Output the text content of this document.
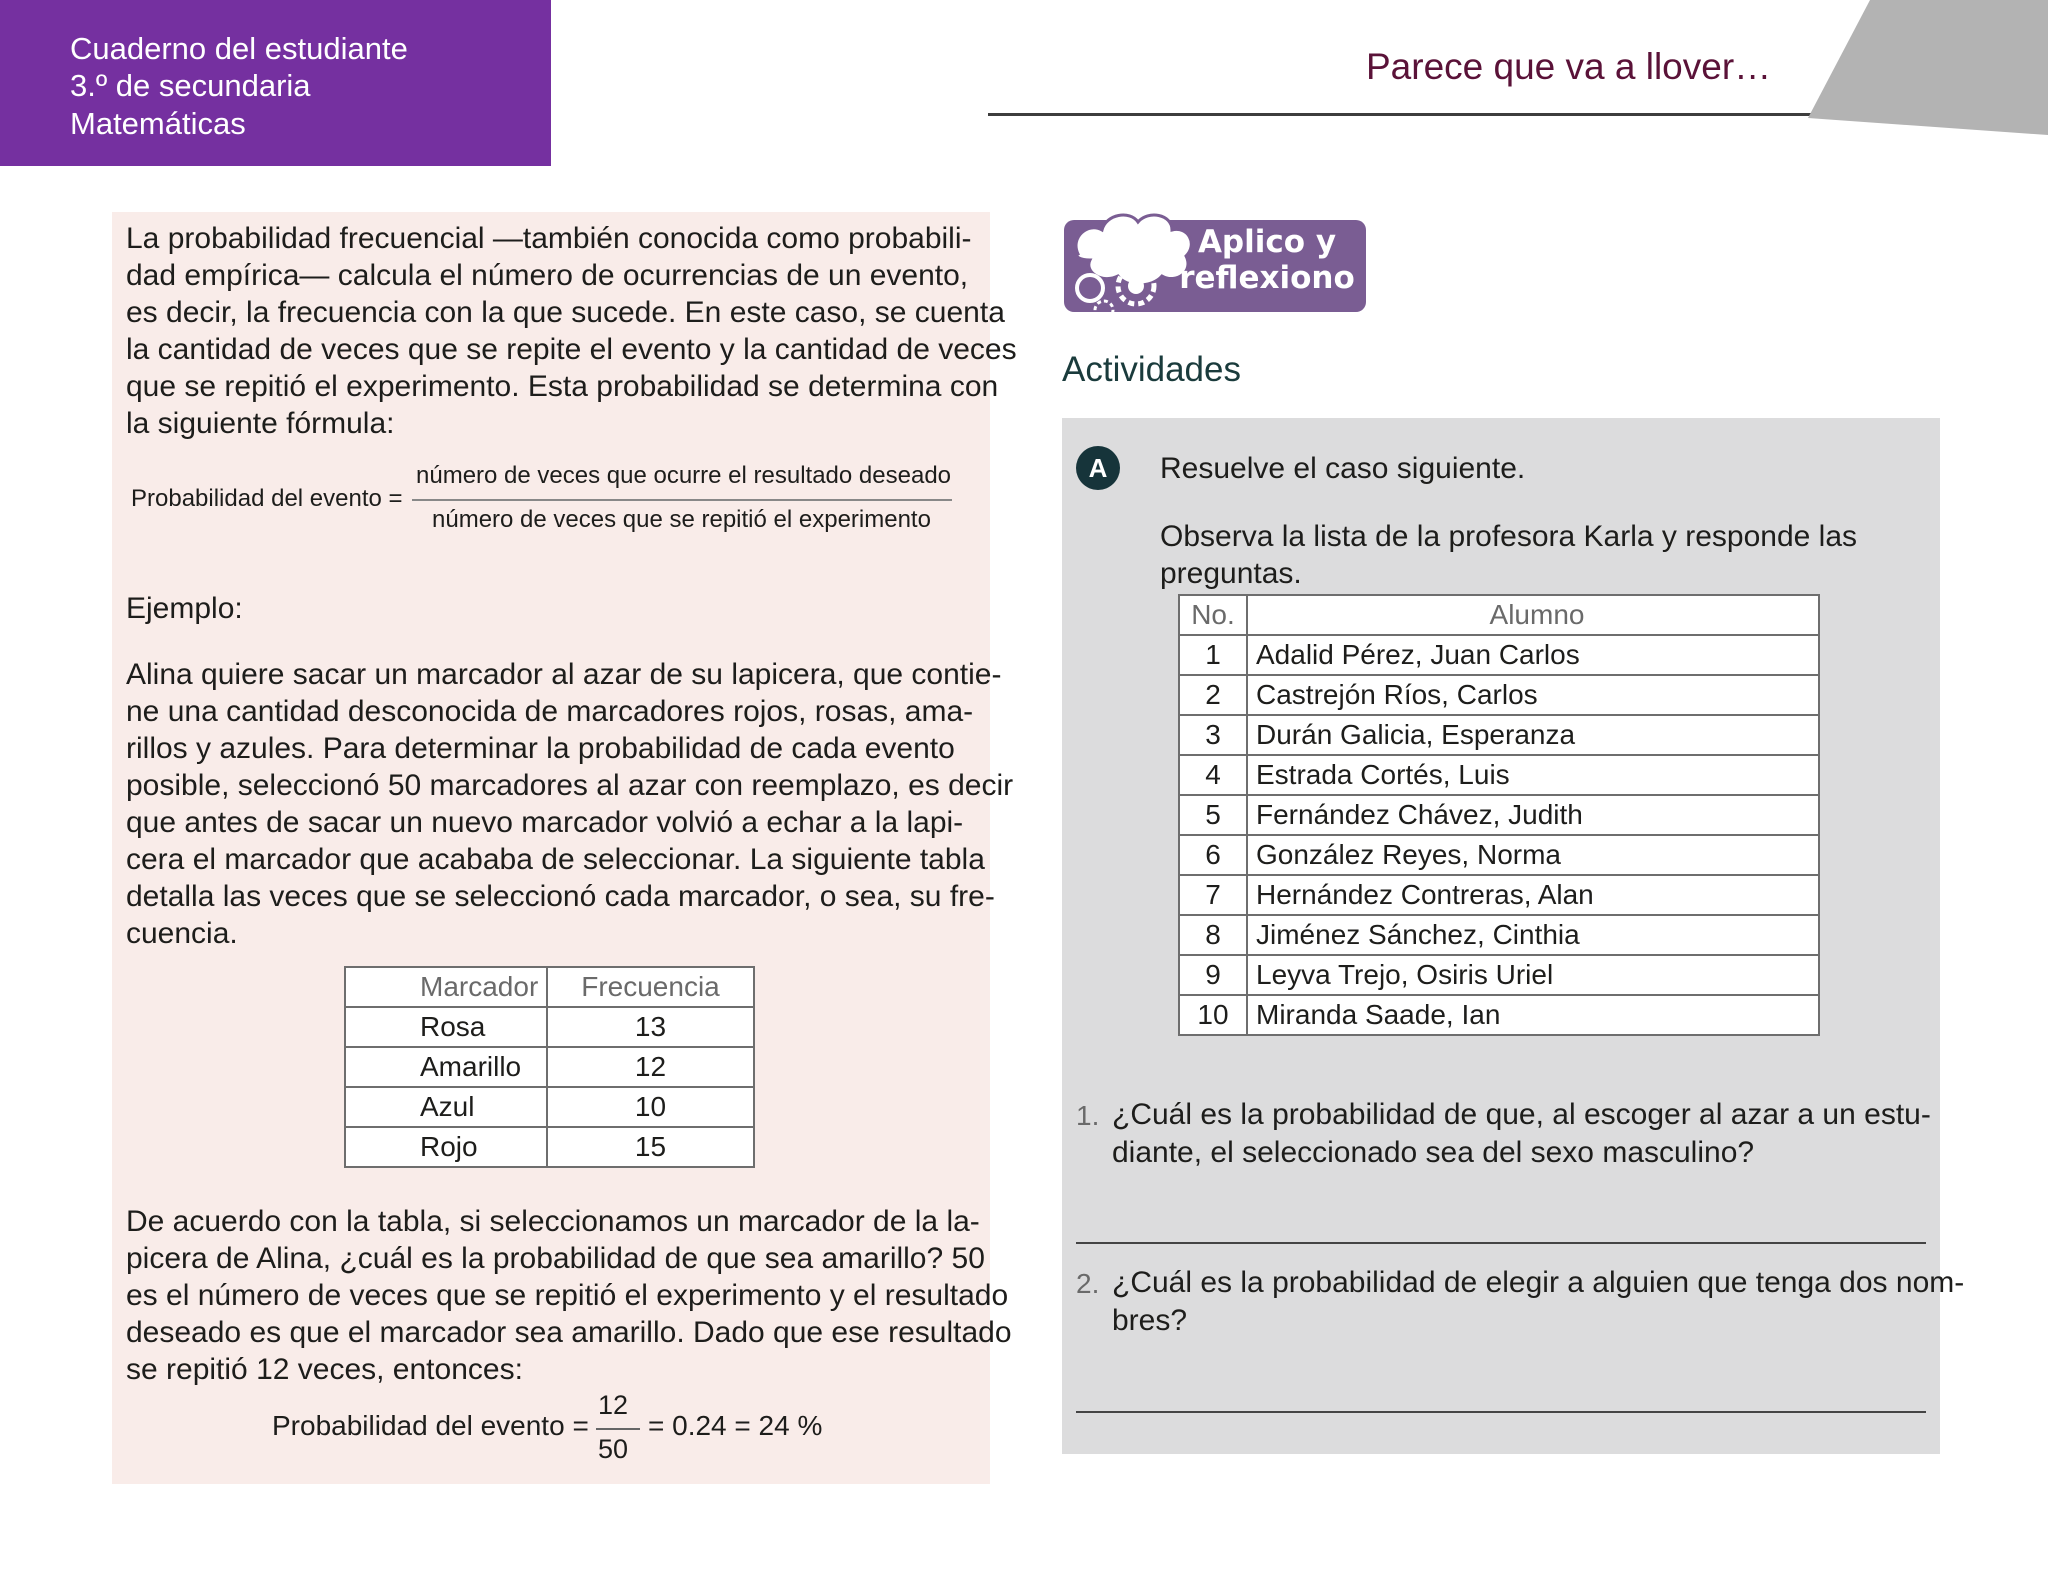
Cuaderno del estudiante
3.º de secundaria
Matemáticas
Parece que va a llover…

La probabilidad frecuencial —también conocida como probabili-
dad empírica— calcula el número de ocurrencias de un evento,
es decir, la frecuencia con la que sucede. En este caso, se cuenta
la cantidad de veces que se repite el evento y la cantidad de veces
que se repitió el experimento. Esta probabilidad se determina con
la siguiente fórmula:

Probabilidad del evento =
número de veces que ocurre el resultado deseado
número de veces que se repitió el experimento
Ejemplo:

Alina quiere sacar un marcador al azar de su lapicera, que contie-
ne una cantidad desconocida de marcadores rojos, rosas, ama-
rillos y azules. Para determinar la probabilidad de cada evento
posible, seleccionó 50 marcadores al azar con reemplazo, es decir
que antes de sacar un nuevo marcador volvió a echar a la lapi-
cera el marcador que acababa de seleccionar. La siguiente tabla
detalla las veces que se seleccionó cada marcador, o sea, su fre-
cuencia.

Marcador	Frecuencia
Rosa	13
Amarillo	12
Azul	10
Rojo	15

De acuerdo con la tabla, si seleccionamos un marcador de la la-
picera de Alina, ¿cuál es la probabilidad de que sea amarillo? 50
es el número de veces que se repitió el experimento y el resultado
deseado es que el marcador sea amarillo. Dado que ese resultado
se repitió 12 veces, entonces:

Probabilidad del evento =
12
50
= 0.24 = 24 %
Aplico y
reflexiono
Actividades
A	Resuelve el caso siguiente.

Observa la lista de la profesora Karla y responde las
preguntas.

No.	Alumno
1	Adalid Pérez, Juan Carlos
2	Castrejón Ríos, Carlos
3	Durán Galicia, Esperanza
4	Estrada Cortés, Luis
5	Fernández Chávez, Judith
6	González Reyes, Norma
7	Hernández Contreras, Alan
8	Jiménez Sánchez, Cinthia
9	Leyva Trejo, Osiris Uriel
10	Miranda Saade, Ian
1. ¿Cuál es la probabilidad de que, al escoger al azar a un estu-
diante, el seleccionado sea del sexo masculino?

2. ¿Cuál es la probabilidad de elegir a alguien que tenga dos nom-
bres?
